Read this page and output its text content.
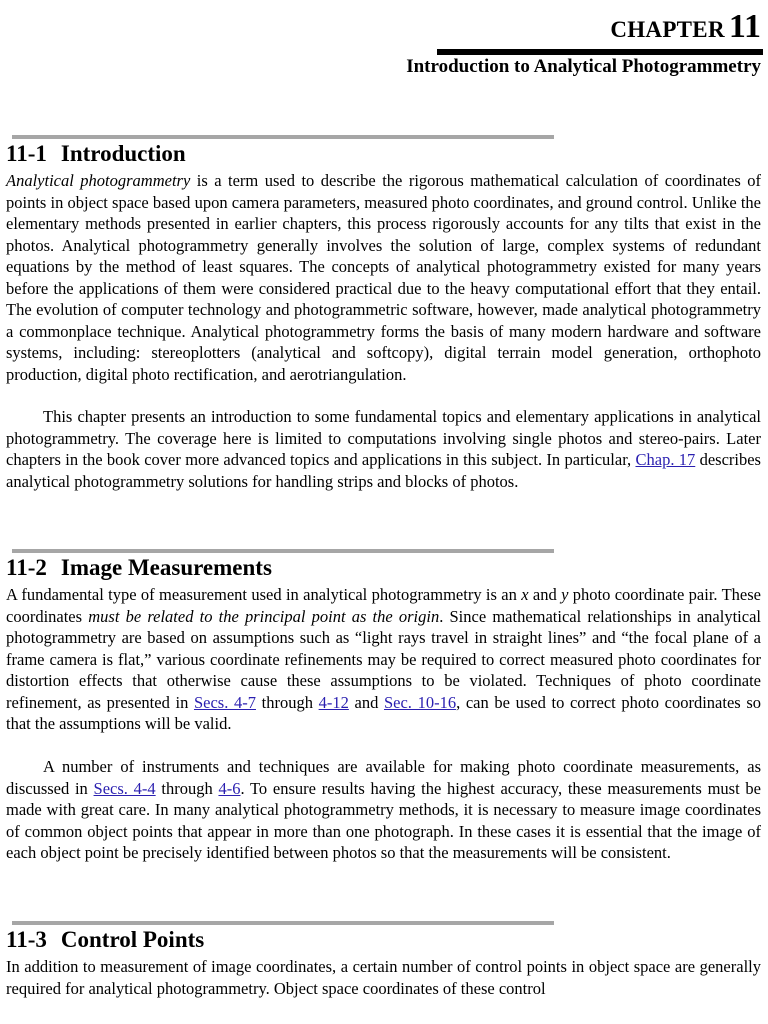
CHAPTER 11
Introduction to Analytical Photogrammetry
11-1 Introduction

Analytical photogrammetry is a term used to describe the rigorous mathematical calculation of coordinates of points in object space based upon camera parameters, measured photo coordinates, and ground control. Unlike the elementary methods presented in earlier chapters, this process rigorously accounts for any tilts that exist in the photos. Analytical photogrammetry generally involves the solution of large, complex systems of redundant equations by the method of least squares. The concepts of analytical photogrammetry existed for many years before the applications of them were considered practical due to the heavy computational effort that they entail. The evolution of computer technology and photogrammetric software, however, made analytical photogrammetry a commonplace technique. Analytical photogrammetry forms the basis of many modern hardware and software systems, including: stereoplotters (analytical and softcopy), digital terrain model generation, orthophoto production, digital photo rectification, and aerotriangulation.

This chapter presents an introduction to some fundamental topics and elementary applications in analytical photogrammetry. The coverage here is limited to computations involving single photos and stereo-pairs. Later chapters in the book cover more advanced topics and applications in this subject. In particular, Chap. 17 describes analytical photogrammetry solutions for handling strips and blocks of photos.

11-2 Image Measurements

A fundamental type of measurement used in analytical photogrammetry is an x and y photo coordinate pair. These coordinates must be related to the principal point as the origin. Since mathematical relationships in analytical photogrammetry are based on assumptions such as “light rays travel in straight lines” and “the focal plane of a frame camera is flat,” various coordinate refinements may be required to correct measured photo coordinates for distortion effects that otherwise cause these assumptions to be violated. Techniques of photo coordinate refinement, as presented in Secs. 4-7 through 4-12 and Sec. 10-16, can be used to correct photo coordinates so that the assumptions will be valid.

A number of instruments and techniques are available for making photo coordinate measurements, as discussed in Secs. 4-4 through 4-6. To ensure results having the highest accuracy, these measurements must be made with great care. In many analytical photogrammetry methods, it is necessary to measure image coordinates of common object points that appear in more than one photograph. In these cases it is essential that the image of each object point be precisely identified between photos so that the measurements will be consistent.

11-3 Control Points

In addition to measurement of image coordinates, a certain number of control points in object space are generally required for analytical photogrammetry. Object space coordinates of these control
